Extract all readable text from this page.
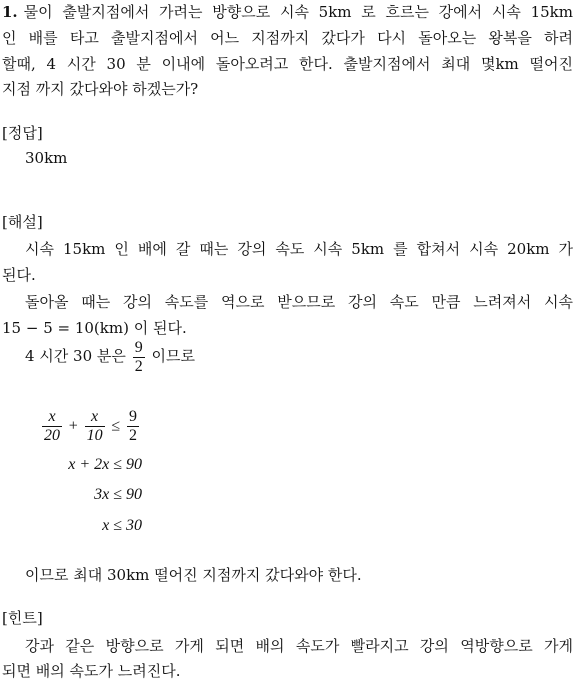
1. 물이 출발지점에서 가려는 방향으로 시속 5km 로 흐르는 강에서 시속 15km
인 배를 타고 출발지점에서 어느 지점까지 갔다가 다시 돌아오는 왕복을 하려
할때, 4 시간 30 분 이내에 돌아오려고 한다. 출발지점에서 최대 몇km 떨어진
지점 까지 갔다와야 하겠는가?
[정답]
30km
[해설]
시속 15km 인 배에 갈 때는 강의 속도 시속 5km 를 합쳐서 시속 20km 가
된다.
돌아올 때는 강의 속도를 역으로 받으므로 강의 속도 만큼 느려져서 시속
15 − 5 = 10(km) 이 된다.
4 시간 30 분은 $\frac{9}{2}$ 이므로
$\frac{x}{20} + \frac{x}{10} \le \frac{9}{2}$
x + 2x ≤ 90
3x ≤ 90
x ≤ 30
이므로 최대 30km 떨어진 지점까지 갔다와야 한다.
[힌트]
강과 같은 방향으로 가게 되면 배의 속도가 빨라지고 강의 역방향으로 가게
되면 배의 속도가 느려진다.
